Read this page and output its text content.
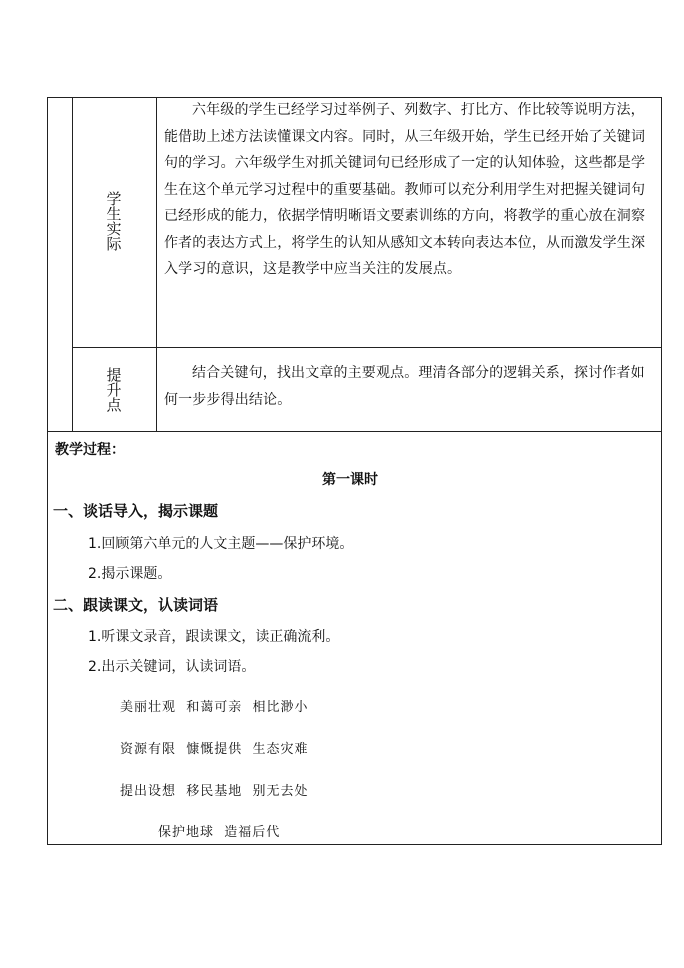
学
生
实
际

六年级的学生已经学习过举例子、列数字、打比方、作比较等说明方法，能借助上述方法读懂课文内容。同时，从三年级开始，学生已经开始了关键词句的学习。六年级学生对抓关键词句已经形成了一定的认知体验，这些都是学生在这个单元学习过程中的重要基础。教师可以充分利用学生对把握关键词句已经形成的能力，依据学情明晰语文要素训练的方向，将教学的重心放在洞察作者的表达方式上，将学生的认知从感知文本转向表达本位，从而激发学生深入学习的意识，这是教学中应当关注的发展点。

提
升
点

结合关键句，找出文章的主要观点。理清各部分的逻辑关系，探讨作者如何一步步得出结论。

教学过程：
第一课时
一、谈话导入，揭示课题
1.回顾第六单元的人文主题——保护环境。
2.揭示课题。
二、跟读课文，认读词语
1.听课文录音，跟读课文，读正确流利。
2.出示关键词，认读词语。
美丽壮观  和蔼可亲  相比渺小
资源有限  慷慨提供  生态灾难
提出设想  移民基地  别无去处
保护地球  造福后代
